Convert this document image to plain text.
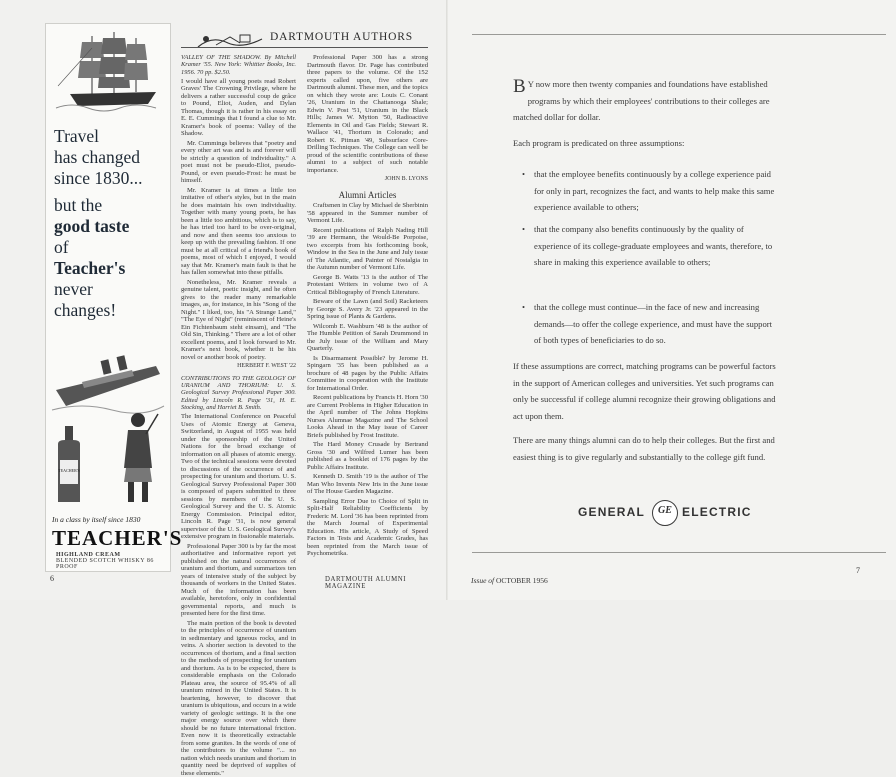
Travel
has changed
since 1830...
but the
good taste
of
Teacher's
never
changes!
TEACHER'S
In a class by itself since 1830
TEACHER'S
HIGHLAND CREAM
BLENDED SCOTCH WHISKY 86 PROOF
DARTMOUTH AUTHORS
VALLEY OF THE SHADOW. By Mitchell Kramer '55. New York: Whittier Books, Inc. 1956. 70 pp. $2.50.

I would have all young poets read Robert Graves' The Crowning Privilege, where he delivers a rather successful coup de grâce to Pound, Eliot, Auden, and Dylan Thomas, though it is rather in his essay on E. E. Cummings that I found a clue to Mr. Kramer's book of poems: Valley of the Shadow.

Mr. Cummings believes that "poetry and every other art was and is and forever will be strictly a question of individuality." A poet must not be pseudo-Eliot, pseudo-Pound, or even pseudo-Frost: he must be himself.

Mr. Kramer is at times a little too imitative of other's styles, but in the main he does maintain his own individuality. Together with many young poets, he has been a little too ambitious, which is to say, he has tried too hard to be over-original, and now and then seems too anxious to keep up with the prevailing fashion. If one must be at all critical of a friend's book of poems, most of which I enjoyed, I would say that Mr. Kramer's main fault is that he has fallen somewhat into these pitfalls.

Nonetheless, Mr. Kramer reveals a genuine talent, poetic insight, and he often gives to the reader many remarkable images, as, for instance, in his "Song of the Night." I liked, too, his "A Strange Land," "The Eye of Night" (reminiscent of Heine's Ein Fichtenbaum steht einsam), and "The Old Sin, Thinking." There are a lot of other excellent poems, and I look forward to Mr. Kramer's next book, whether it be his novel or another book of poetry.

HERBERT F. WEST '22

CONTRIBUTIONS TO THE GEOLOGY OF URANIUM AND THORIUM: U. S. Geological Survey Professional Paper 300. Edited by Lincoln R. Page '31, H. E. Stocking, and Harriet B. Smith.

The International Conference on Peaceful Uses of Atomic Energy at Geneva, Switzerland, in August of 1955 was held under the sponsorship of the United Nations for the broad exchange of information on all phases of atomic energy. Two of the technical sessions were devoted to discussions of the occurrence of and prospecting for uranium and thorium. U. S. Geological Survey Professional Paper 300 is composed of papers submitted to three sessions by members of the U. S. Geological Survey and the U. S. Atomic Energy Commission. Principal editor, Lincoln R. Page '31, is now general supervisor of the U. S. Geological Survey's extensive program in fissionable materials.

Professional Paper 300 is by far the most authoritative and informative report yet published on the natural occurrences of uranium and thorium, and summarizes ten years of intensive study of the subject by thousands of workers in the United States. Much of the information has been available, heretofore, only in confidential governmental reports, and much is presented here for the first time.

The main portion of the book is devoted to the principles of occurrence of uranium in sedimentary and igneous rocks, and in veins. A shorter section is devoted to the occurrences of thorium, and a final section to the methods of prospecting for uranium and thorium. As is to be expected, there is considerable emphasis on the Colorado Plateau area, the source of 95.4% of all uranium mined in the United States. It is heartening, however, to discover that uranium is ubiquitous, and occurs in a wide variety of geologic settings. It is the one major energy source over which there should be no future international friction. Even now it is theoretically extractable from some granites. In the words of one of the contributors to the volume "... no nation which needs uranium and thorium in quantity need be deprived of supplies of these elements."

Professional Paper 300 has a strong Dartmouth flavor. Dr. Page has contributed three papers to the volume. Of the 152 experts called upon, five others are Dartmouth alumni. These men, and the topics on which they wrote are: Louis C. Conant '26, Uranium in the Chattanooga Shale; Edwin V. Post '51, Uranium in the Black Hills; James W. Mytton '50, Radioactive Elements in Oil and Gas Fields; Stewart R. Wallace '41, Thorium in Colorado; and Robert K. Pitman '49, Subsurface Core-Drilling Techniques. The College can well be proud of the scientific contributions of these alumni to a subject of such notable importance.

JOHN B. LYONS

Alumni Articles

Craftsmen in Clay by Michael de Sherbinin '58 appeared in the Summer number of Vermont Life.

Recent publications of Ralph Nading Hill '39 are Hermann, the Would-Be Porpoise, two excerpts from his forthcoming book, Window in the Sea in the June and July issue of The Atlantic, and Painter of Nostalgia in the Autumn number of Vermont Life.

George B. Watts '13 is the author of The Protestant Writers in volume two of A Critical Bibliography of French Literature.

Beware of the Lawn (and Soil) Racketeers by George S. Avery Jr. '23 appeared in the Spring issue of Plants & Gardens.

Wilcomb E. Washburn '48 is the author of The Humble Petition of Sarah Drummond in the July issue of the William and Mary Quarterly.

Is Disarmament Possible? by Jerome H. Spingarn '35 has been published as a brochure of 48 pages by the Public Affairs Committee in cooperation with the Institute for International Order.

Recent publications by Francis H. Horn '30 are Current Problems in Higher Education in the April number of The Johns Hopkins Nurses Alumnae Magazine and The School Looks Ahead in the May issue of Career Briefs published by Frost Institute.

The Hard Money Crusade by Bertrand Gross '30 and Wilfred Lumer has been published as a booklet of 176 pages by the Public Affairs Institute.

Kenneth D. Smith '19 is the author of The Man Who Invents New Iris in the June issue of The House Garden Magazine.

Sampling Error Due to Choice of Split in Split-Half Reliability Coefficients by Frederic M. Lord '36 has been reprinted from the March Journal of Experimental Education. His article, A Study of Speed Factors in Tests and Academic Grades, has been reprinted from the March issue of Psychometrika.

6	DARTMOUTH ALUMNI MAGAZINE
B Y now more then twenty companies and foundations have established programs by which their employees' contributions to their colleges are matched dollar for dollar.
Each program is predicated on three assumptions:
• that the employee benefits continuously by a college experience paid for only in part, recognizes the fact, and wants to help make this same experience available to others;
• that the company also benefits continuously by the quality of experience of its college-graduate employees and wants, therefore, to share in making this experience available to others;
• that the college must continue—in the face of new and increasing demands—to offer the college experience, and must have the support of both types of beneficiaries to do so.
If these assumptions are correct, matching programs can be powerful factors in the support of American colleges and universities. Yet such programs can only be successful if college alumni recognize their growing obligations and act upon them.
There are many things alumni can do to help their colleges. But the first and easiest thing is to give regularly and substantially to the college gift fund.
GENERAL	GE ELECTRIC
Issue of OCTOBER 1956
7
